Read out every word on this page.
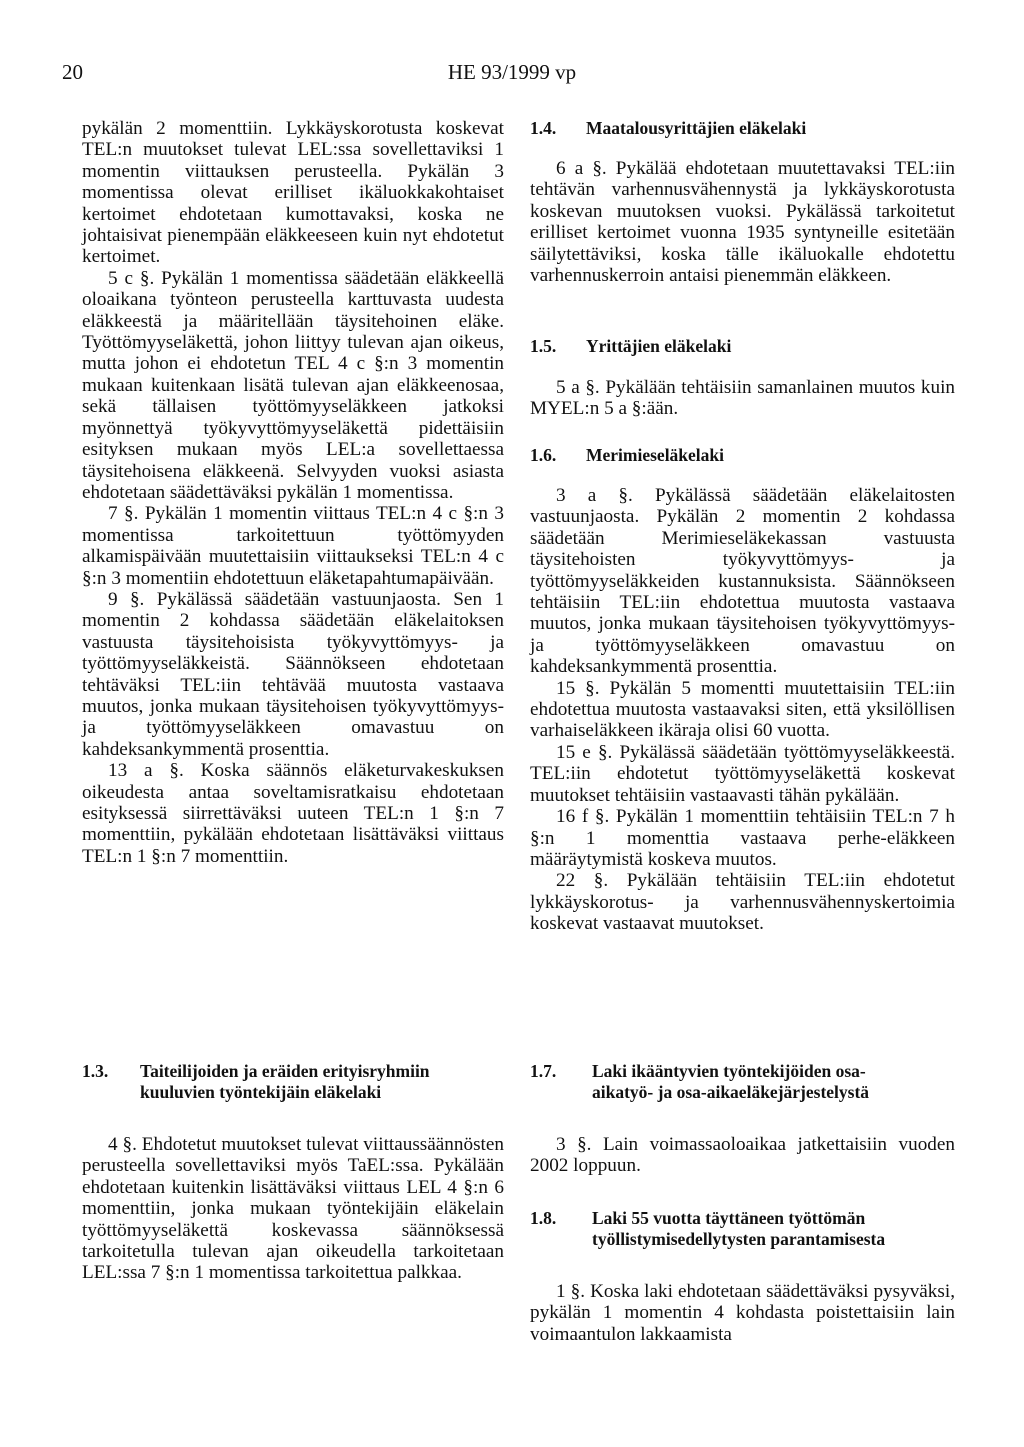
20	HE 93/1999 vp

pykälän 2 momenttiin. Lykkäyskorotusta koskevat TEL:n muutokset tulevat LEL:ssa sovellettaviksi 1 momentin viittauksen perusteella. Pykälän 3 momentissa olevat erilliset ikäluokkakohtaiset kertoimet ehdotetaan kumottavaksi, koska ne johtaisivat pienempään eläkkeeseen kuin nyt ehdotetut kertoimet.

5 c §. Pykälän 1 momentissa säädetään eläkkeellä oloaikana työnteon perusteella karttuvasta uudesta eläkkeestä ja määritellään täysitehoinen eläke. Työttömyyseläkettä, johon liittyy tulevan ajan oikeus, mutta johon ei ehdotetun TEL 4 c §:n 3 momentin mukaan kuitenkaan lisätä tulevan ajan eläkkeenosaa, sekä tällaisen työttömyyseläkkeen jatkoksi myönnettyä työkyvyttömyyseläkettä pidettäisiin esityksen mukaan myös LEL:a sovellettaessa täysitehoisena eläkkeenä. Selvyyden vuoksi asiasta ehdotetaan säädettäväksi pykälän 1 momentissa.

7 §. Pykälän 1 momentin viittaus TEL:n 4 c §:n 3 momentissa tarkoitettuun työttömyyden alkamispäivään muutettaisiin viittaukseksi TEL:n 4 c §:n 3 momentiin ehdotettuun eläketapahtumapäivään.

9 §. Pykälässä säädetään vastuunjaosta. Sen 1 momentin 2 kohdassa säädetään eläkelaitoksen vastuusta täysitehoisista työkyvyttömyys- ja työttömyyseläkkeistä. Säännökseen ehdotetaan tehtäväksi TEL:iin tehtävää muutosta vastaava muutos, jonka mukaan täysitehoisen työkyvyttömyys- ja työttömyyseläkkeen omavastuu on kahdeksankymmentä prosenttia.

13 a §. Koska säännös eläketurvakeskuksen oikeudesta antaa soveltamisratkaisu ehdotetaan esityksessä siirrettäväksi uuteen TEL:n 1 §:n 7 momenttiin, pykälään ehdotetaan lisättäväksi viittaus TEL:n 1 §:n 7 momenttiin.

1.3. Taiteilijoiden ja eräiden erityisryhmiin
kuuluvien työntekijäin eläkelaki

4 §. Ehdotetut muutokset tulevat viittaussäännösten perusteella sovellettaviksi myös TaEL:ssa. Pykälään ehdotetaan kuitenkin lisättäväksi viittaus LEL 4 §:n 6 momenttiin, jonka mukaan työntekijäin eläkelain työttömyyseläkettä koskevassa säännöksessä tarkoitetulla tulevan ajan oikeudella tarkoitetaan LEL:ssa 7 §:n 1 momentissa tarkoitettua palkkaa.

1.4. Maatalousyrittäjien eläkelaki

6 a §. Pykälää ehdotetaan muutettavaksi TEL:iin tehtävän varhennusvähennystä ja lykkäyskorotusta koskevan muutoksen vuoksi. Pykälässä tarkoitetut erilliset kertoimet vuonna 1935 syntyneille esitetään säilytettäviksi, koska tälle ikäluokalle ehdotettu varhennuskerroin antaisi pienemmän eläkkeen.

1.5. Yrittäjien eläkelaki

5 a §. Pykälään tehtäisiin samanlainen muutos kuin MYEL:n 5 a §:ään.

1.6. Merimieseläkelaki

3 a §. Pykälässä säädetään eläkelaitosten vastuunjaosta. Pykälän 2 momentin 2 kohdassa säädetään Merimieseläkekassan vastuusta täysitehoisten työkyvyttömyys- ja työttömyyseläkkeiden kustannuksista. Säännökseen tehtäisiin TEL:iin ehdotettua muutosta vastaava muutos, jonka mukaan täysitehoisen työkyvyttömyys- ja työttömyyseläkkeen omavastuu on kahdeksankymmentä prosenttia.

15 §. Pykälän 5 momentti muutettaisiin TEL:iin ehdotettua muutosta vastaavaksi siten, että yksilöllisen varhaiseläkkeen ikäraja olisi 60 vuotta.

15 e §. Pykälässä säädetään työttömyyseläkkeestä. TEL:iin ehdotetut työttömyyseläkettä koskevat muutokset tehtäisiin vastaavasti tähän pykälään.

16 f §. Pykälän 1 momenttiin tehtäisiin TEL:n 7 h §:n 1 momenttia vastaava perhe-eläkkeen määräytymistä koskeva muutos.

22 §. Pykälään tehtäisiin TEL:iin ehdotetut lykkäyskorotus- ja varhennusvähennyskertoimia koskevat vastaavat muutokset.

1.7. Laki ikääntyvien työntekijöiden osa-
aikatyö- ja osa-aikaeläkejärjestelystä

3 §. Lain voimassaoloaikaa jatkettaisiin vuoden 2002 loppuun.

1.8. Laki 55 vuotta täyttäneen työttömän
työllistymisedellytysten parantamisesta

1 §. Koska laki ehdotetaan säädettäväksi pysyväksi, pykälän 1 momentin 4 kohdasta poistettaisiin lain voimaantulon lakkaamista
